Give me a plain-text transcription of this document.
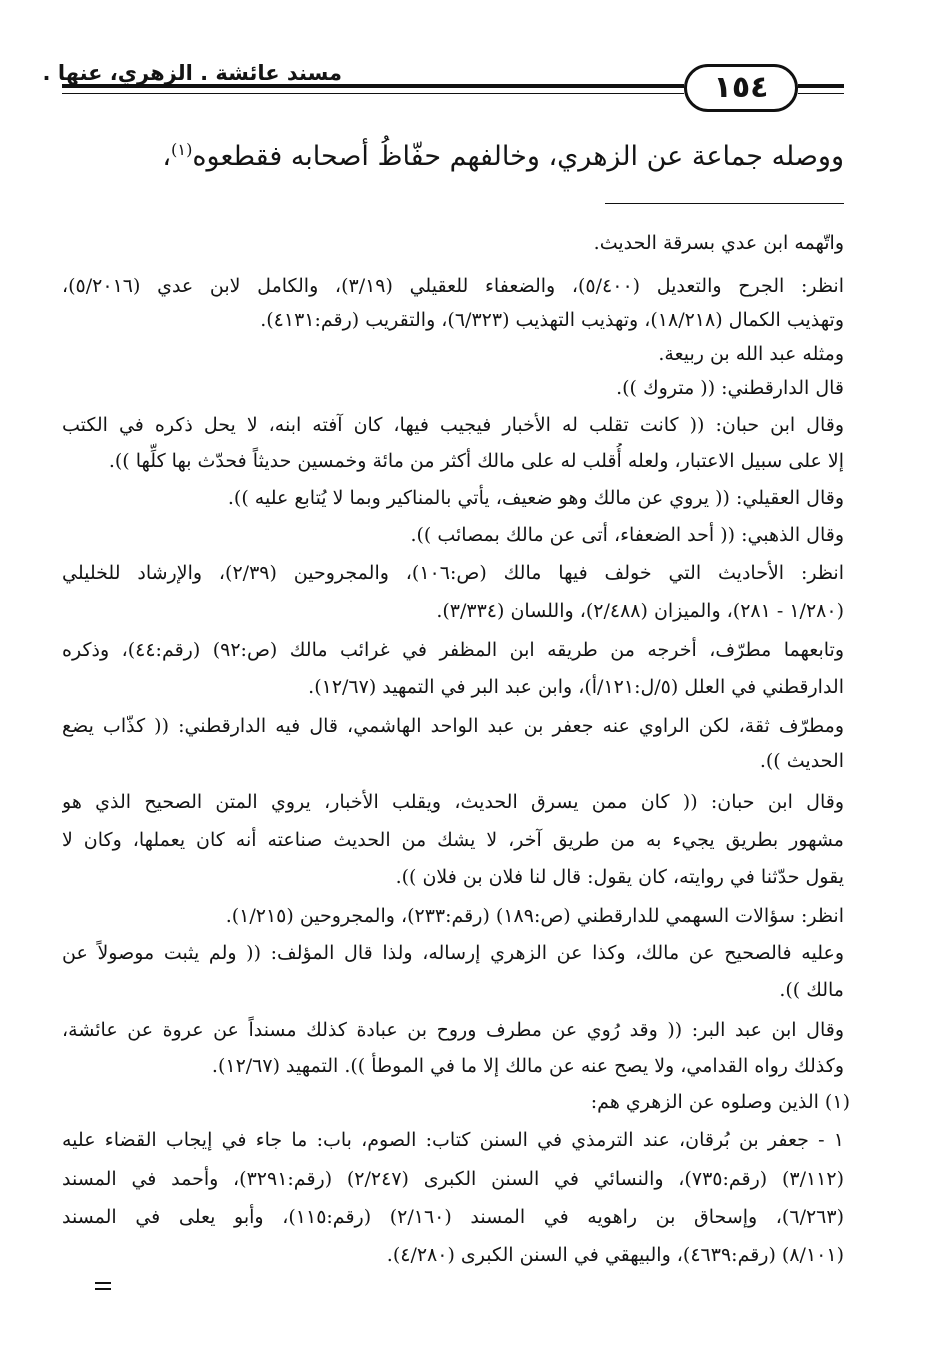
مسند عائشة . الزهري، عنها .	١٥٤
ووصله جماعة عن الزهري، وخالفهم حفّاظُ أصحابه فقطعوه$^{(١)}$،
واتّهمه ابن عدي بسرقة الحديث.
انظر: الجرح والتعديل (٥/٤٠٠)، والضعفاء للعقيلي (٣/١٩)، والكامل لابن عدي (٥/٢٠١٦)،
وتهذيب الكمال (١٨/٢١٨)، وتهذيب التهذيب (٦/٣٢٣)، والتقريب (رقم:٤١٣١).
ومثله عبد الله بن ربيعة.
قال الدارقطني: (( متروك )).
وقال ابن حبان: (( كانت تقلب له الأخبار فيجيب فيها، كان آفته ابنه، لا يحل ذكره في الكتب
إلا على سبيل الاعتبار، ولعله أُقلب له على مالك أكثر من مائة وخمسين حديثاً فحدّث بها كلِّها )).
وقال العقيلي: (( يروي عن مالك وهو ضعيف، يأتي بالمناكير وبما لا يُتابع عليه )).
وقال الذهبي: (( أحد الضعفاء، أتى عن مالك بمصائب )).
انظر: الأحاديث التي خولف فيها مالك (ص:١٠٦)، والمجروحين (٢/٣٩)، والإرشاد للخليلي
(١/٢٨٠ - ٢٨١)، والميزان (٢/٤٨٨)، واللسان (٣/٣٣٤).
وتابعهما مطرّف، أخرجه من طريقه ابن المظفر في غرائب مالك (ص:٩٢) (رقم:٤٤)، وذكره
الدارقطني في العلل (٥/ل:١٢١/أ)، وابن عبد البر في التمهيد (١٢/٦٧).
ومطرّف ثقة، لكن الراوي عنه جعفر بن عبد الواحد الهاشمي، قال فيه الدارقطني: (( كذّاب يضع
الحديث )).
وقال ابن حبان: (( كان ممن يسرق الحديث، ويقلب الأخبار، يروي المتن الصحيح الذي هو
مشهور بطريق يجيء به من طريق آخر، لا يشك من الحديث صناعته أنه كان يعملها، وكان لا
يقول حدّثنا في روايته، كان يقول: قال لنا فلان بن فلان )).
انظر: سؤالات السهمي للدارقطني (ص:١٨٩) (رقم:٢٣٣)، والمجروحين (١/٢١٥).
وعليه فالصحيح عن مالك، وكذا عن الزهري إرساله، ولذا قال المؤلف: (( ولم يثبت موصولاً عن
مالك )).
وقال ابن عبد البر: (( وقد رُوي عن مطرف وروح بن عبادة كذلك مسنداً عن عروة عن عائشة،
وكذلك رواه القدامي، ولا يصح عنه عن مالك إلا ما في الموطأ )). التمهيد (١٢/٦٧).
(١) الذين وصلوه عن الزهري هم:
١ - جعفر بن بُرقان، عند الترمذي في السنن كتاب: الصوم، باب: ما جاء في إيجاب القضاء عليه
(٣/١١٢) (رقم:٧٣٥)، والنسائي في السنن الكبرى (٢/٢٤٧) (رقم:٣٢٩١)، وأحمد في المسند
(٦/٢٦٣)، وإسحاق بن راهويه في المسند (٢/١٦٠) (رقم:١١٥)، وأبو يعلى في المسند
(٨/١٠١) (رقم:٤٦٣٩)، والبيهقي في السنن الكبرى (٤/٢٨٠).
